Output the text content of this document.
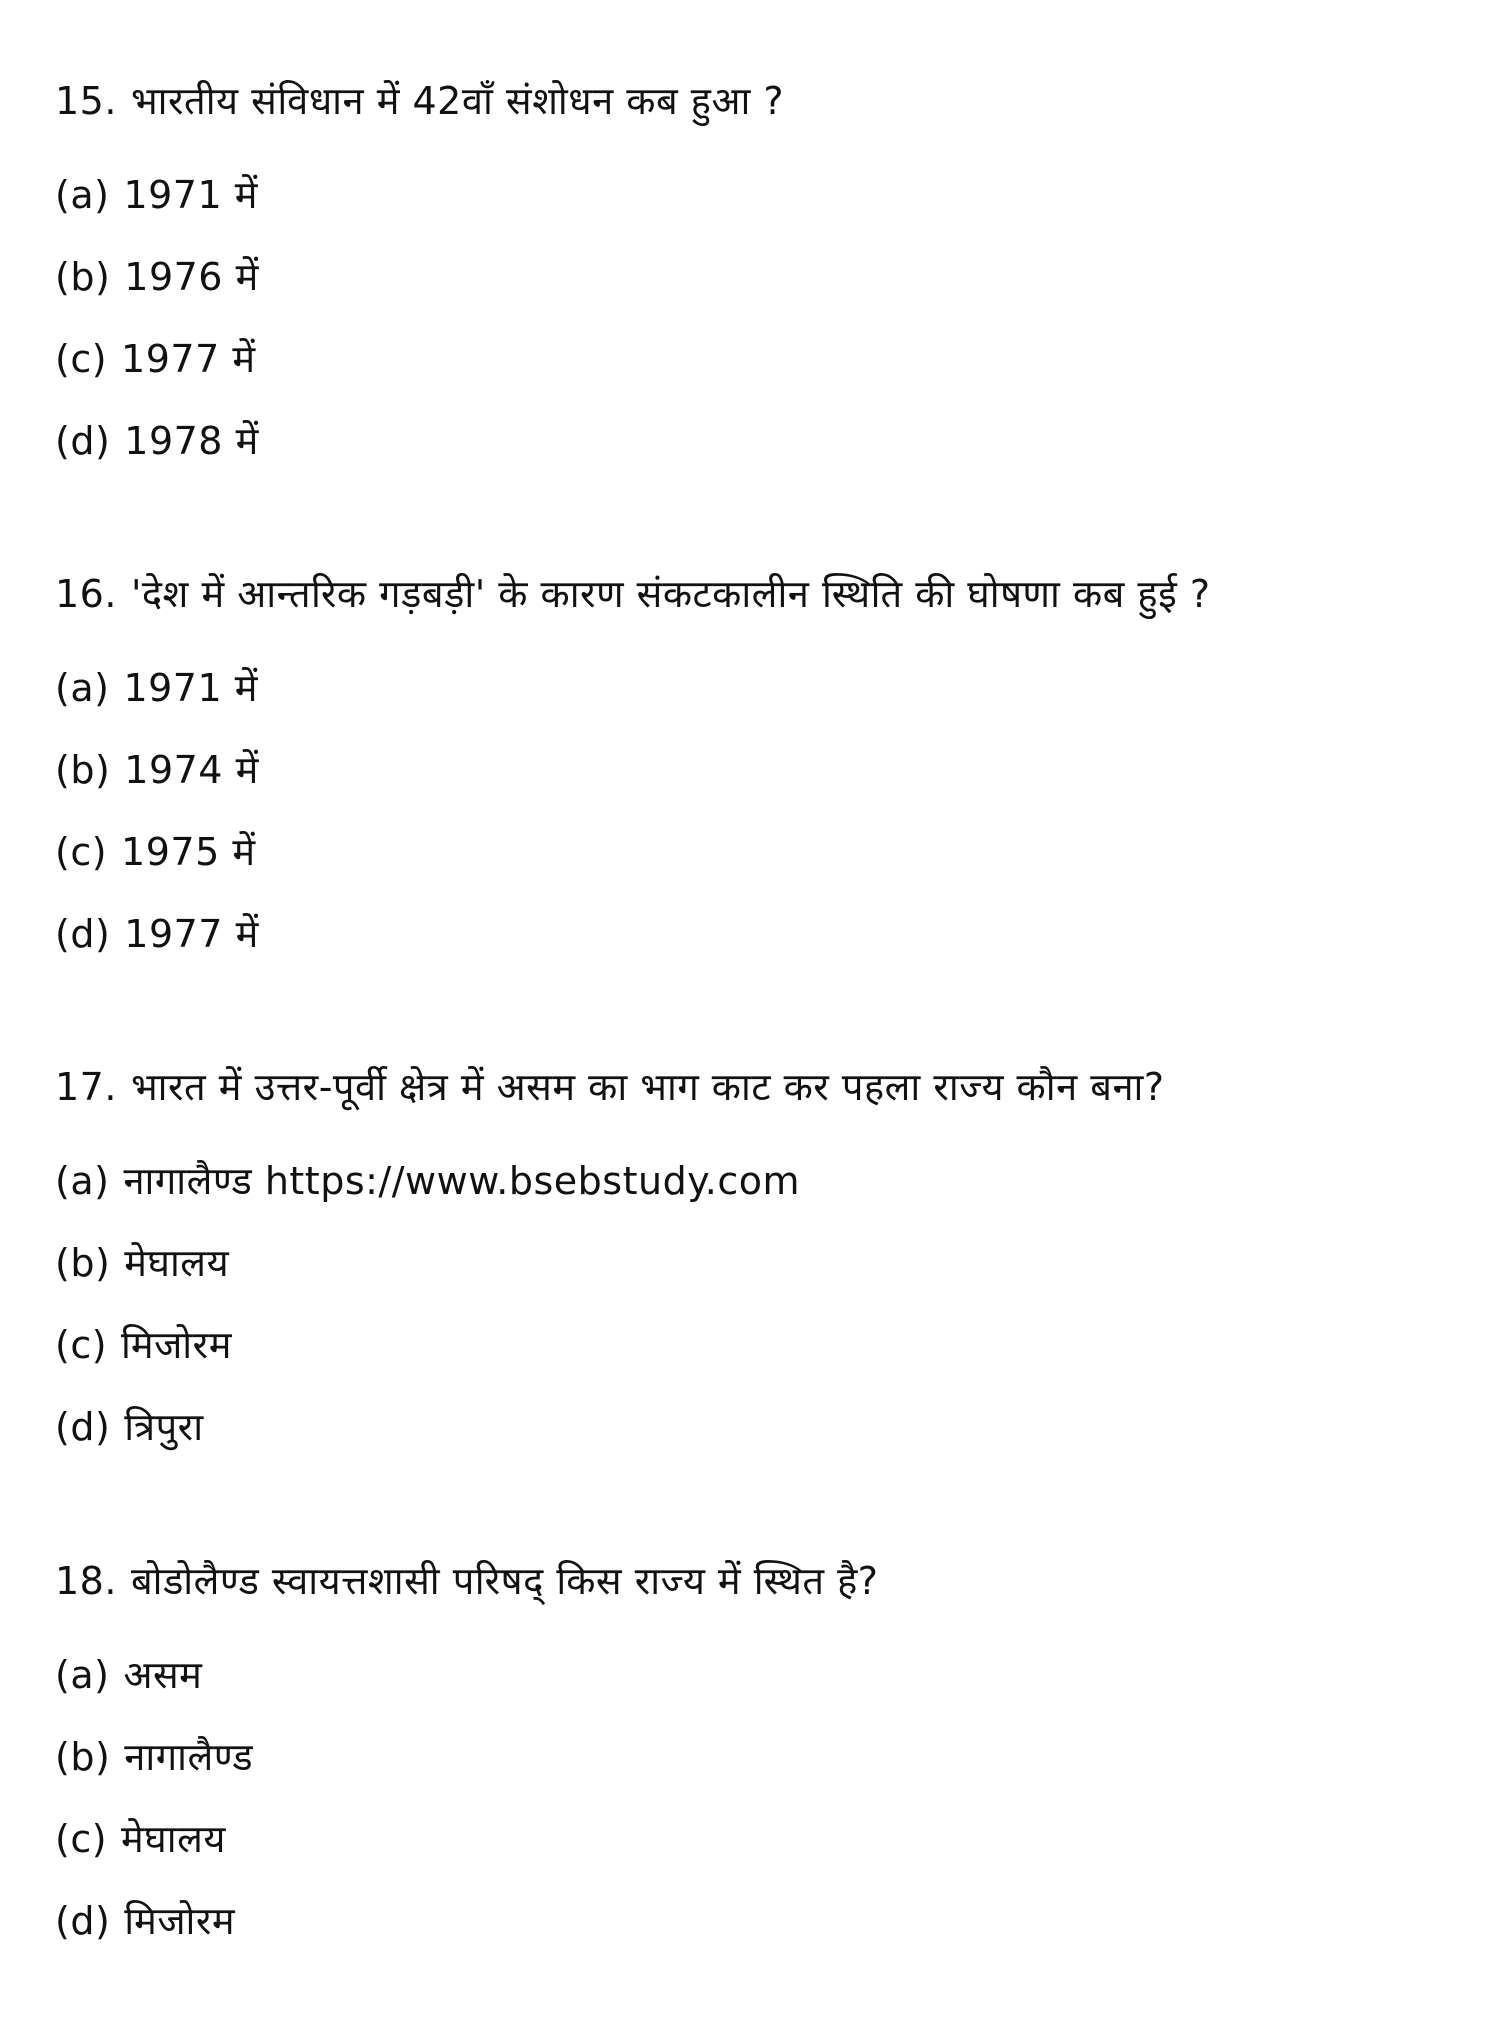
15. भारतीय संविधान में 42वाँ संशोधन कब हुआ ?
(a) 1971 में
(b) 1976 में
(c) 1977 में
(d) 1978 में
16. 'देश में आन्तरिक गड़बड़ी' के कारण संकटकालीन स्थिति की घोषणा कब हुई ?
(a) 1971 में
(b) 1974 में
(c) 1975 में
(d) 1977 में
17. भारत में उत्तर-पूर्वी क्षेत्र में असम का भाग काट कर पहला राज्य कौन बना?
(a) नागालैण्ड https://www.bsebstudy.com
(b) मेघालय
(c) मिजोरम
(d) त्रिपुरा
18. बोडोलैण्ड स्वायत्तशासी परिषद् किस राज्य में स्थित है?
(a) असम
(b) नागालैण्ड
(c) मेघालय
(d) मिजोरम
